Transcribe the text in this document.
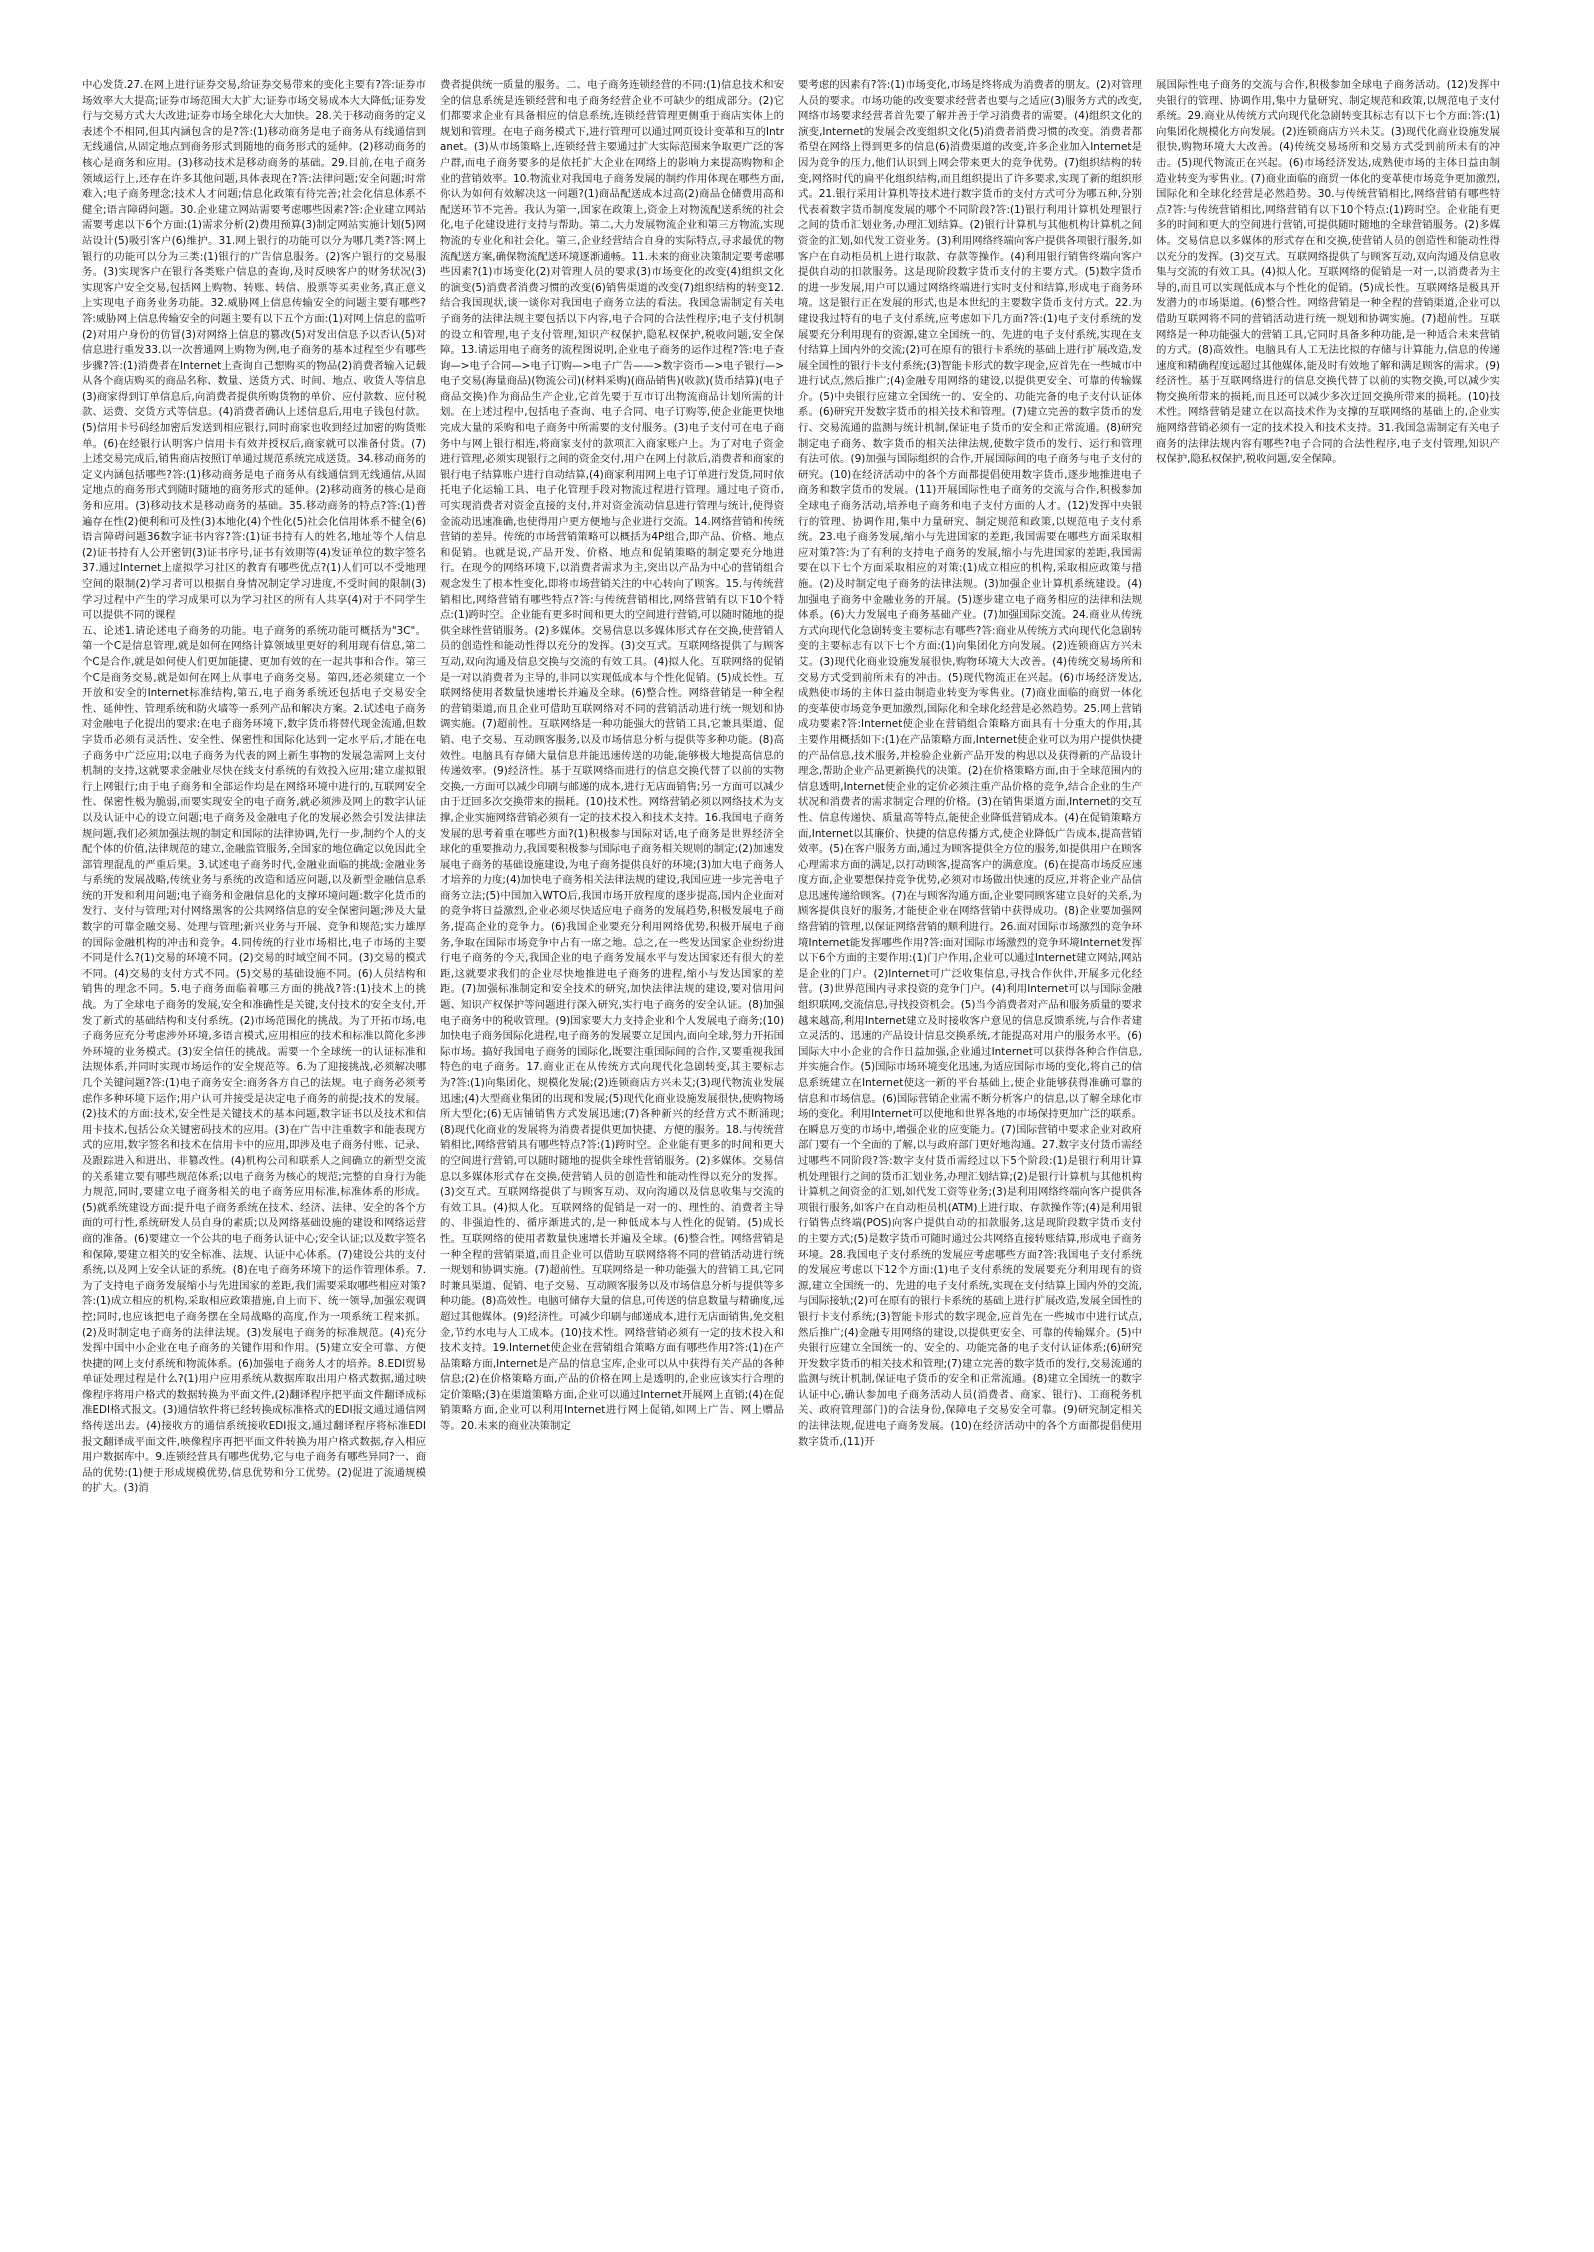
中心发货.27.在网上进行证券交易,给证券交易带来的变化主要有?答:证券市场效率大大提高;证券市场范围大大扩大;证券市场交易成本大大降低;证券发行与交易方式大大改进;证券市场全球化大大加快。28.关于移动商务的定义表述个不相同,但其内涵包含的是?答:(1)移动商务是电子商务从有线通信到无线通信,从固定地点到商务形式到随地的商务形式的延伸。(2)移动商务的核心是商务和应用。(3)移动技术是移动商务的基础。29.目前,在电子商务领域运行上,还存在许多其他问题,具体表现在?答:法律问题;安全问题;时常难入;电子商务理念;技术人才问题;信息化政策有待完善;社会化信息体系不健全;语言障碍问题。30.企业建立网站需要考虑哪些因素?答:企业建立网站需要考虑以下6个方面:(1)需求分析(2)费用预算(3)制定网站实施计划(5)网站设计(5)吸引客户(6)维护。31.网上银行的功能可以分为哪几类?答:网上银行的功能可以分为三类:(1)银行的广告信息服务。(2)客户银行的交易服务。(3)实现客户在银行各类账户信息的查询,及时反映客户的财务状况(3)实现客户安全交易,包括网上购物、转账、转信、股票等买卖业务,真正意义上实现电子商务业务功能。32.威胁网上信息传输安全的问题主要有哪些?答:威胁网上信息传输安全的问题主要有以下五个方面:(1)对网上信息的监听(2)对用户身份的仿冒(3)对网络上信息的篡改(5)对发出信息予以否认(5)对信息进行重发33.以一次普通网上购物为例,电子商务的基本过程至少有哪些步骤?答:(1)消费者在Internet上查询自己想购买的物品(2)消费者输入记载从各个商店购买的商品名称、数量、送货方式、时间、地点、收货人等信息(3)商家得到订单信息后,向消费者提供所购货物的单价、应付款数、应付税款、运费、交货方式等信息。(4)消费者确认上述信息后,用电子钱包付款。(5)信用卡号码经加密后发送到相应银行,同时商家也收到经过加密的购货账单。(6)在经银行认明客户信用卡有效并授权后,商家就可以准备付货。(7)上述交易完成后,销售商店按照订单通过规范系统完成送货。34.移动商务的定义内涵包括哪些?答:(1)移动商务是电子商务从有线通信到无线通信,从固定地点的商务形式到随时随地的商务形式的延伸。(2)移动商务的核心是商务和应用。(3)移动技术是移动商务的基础。35.移动商务的特点?答:(1)普遍存在性(2)便利和可及性(3)本地化(4)个性化(5)社会化信用体系不健全(6)语言障碍问题36数字证书内容?答:(1)证书持有人的姓名,地址等个人信息(2)证书持有人公开密钥(3)证书序号,证书有效期等(4)发证单位的数字签名37.通过Internet上虚拟学习社区的教育有哪些优点?(1)人们可以不受地理空间的限制(2)学习者可以根据自身情况制定学习进度,不受时间的限制(3)学习过程中产生的学习成果可以为学习社区的所有人共享(4)对于不同学生可以提供不同的课程

五、论述1.请论述电子商务的功能。电子商务的系统功能可概括为"3C"。第一个C是信息管理,就是如何在网络计算领域里更好的利用现有信息,第二个C是合作,就是如何使人们更加能捷、更加有效的在一起共事和合作。第三个C是商务交易,就是如何在网上从事电子商务交易。第四,还必须建立一个开放和安全的Internet标准结构,第五,电子商务系统还包括电子交易安全性、延伸性、管理系统和防火墙等一系列产品和解决方案。2.试述电子商务对金融电子化提出的要求:在电子商务环境下,数字货币将替代现金流通,但数字货币必须有灵活性、安全性、保密性和国际化达到一定水平后,才能在电子商务中广泛应用;以电子商务为代表的网上新生事物的发展急需网上支付机制的支持,这就要求金融业尽快在线支付系统的有效投入应用;建立虚拟银行上网银行;由于电子商务和全部运作均是在网络环境中进行的,互联网安全性、保密性极为脆弱,而要实现安全的电子商务,就必须涉及网上的数字认证以及认证中心的设立问题;电子商务及金融电子化的发展必然会引发法律法规问题,我们必须加强法规的制定和国际的法律协调,先行一步,制约个人的支配个体的价值,法律规范的建立,金融监管服务,全国家的地位确定以免因此全部管理混乱的严重后果。3.试述电子商务时代,金融业面临的挑战:金融业务与系统的发展战略,传统业务与系统的改造和适应问题,以及新型金融信息系统的开发和利用问题;电子商务和金融信息化的支撑环境问题:数字化货币的发行、支付与管理;对付网络黑客的公共网络信息的安全保密问题;涉及大量数字的可靠金融交易、处理与管理;新兴业务与开展、竞争和规范;实力雄厚的国际金融机构的冲击和竞争。4.同传统的行业市场相比,电子市场的主要不同是什么?(1)交易的环境不同。(2)交易的时域空间不同。(3)交易的模式不同。(4)交易的支付方式不同。(5)交易的基础设施不同。(6)人员结构和销售的理念不同。5.电子商务面临着哪三方面的挑战?答:(1)技术上的挑战。为了全球电子商务的发展,安全和准确性是关键,支付技术的安全支付,开发了新式的基础结构和支付系统。(2)市场范围化的挑战。为了开拓市场,电子商务应充分考虑涉外环境,多语言模式,应用相应的技术和标准以简化多涉外环境的业务模式。(3)安全信任的挑战。需要一个全球统一的认证标准和法规体系,并同时实现市场运作的安全规范等。6.为了迎接挑战,必须解决哪几个关键问题?答:(1)电子商务安全:商务各方自己的法规。电子商务必须考虑作多种环境下运作;用户认可并接受是决定电子商务的前提;技术的发展。(2)技术的方面:技术,安全性是关键技术的基本问题,数字证书以及技术和信用卡技术,包括公众关键密码技术的应用。(3)在广告中注重数字和能表现方式的应用,数字签名和技术在信用卡中的应用,即涉及电子商务付账、记录、及跟踪进入和进出、非篡改性。(4)机构公司和联系人之间确立的新型交流的关系建立要有哪些规范体系;以电子商务为核心的规范;完整的自身行为能力规范,同时,要建立电子商务相关的电子商务应用标准,标准体系的形成。(5)就系统建设方面:提升电子商务系统在技术、经济、法律、安全的各个方面的可行性,系统研发人员自身的素质;以及网络基础设施的建设和网络运营商的准备。(6)要建立一个公共的电子商务认证中心;安全认证;以及数字签名和保障,要建立相关的安全标准、法规、认证中心体系。(7)建设公共的支付系统,以及网上安全认证的系统。(8)在电子商务环境下的运作管理体系。7.为了支持电子商务发展缩小与先进国家的差距,我们需要采取哪些相应对策?答:(1)成立相应的机构,采取相应政策措施,自上而下、统一领导,加强宏观调控;同时,也应该把电子商务摆在全局战略的高度,作为一项系统工程来抓。(2)及时制定电子商务的法律法规。(3)发展电子商务的标准规范。(4)充分发挥中国中小企业在电子商务的关键作用和作用。(5)建立安全可靠、方便快捷的网上支付系统和物流体系。(6)加强电子商务人才的培养。8.EDI贸易单证处理过程是什么?(1)用户应用系统从数据库取出用户格式数据,通过映像程序将用户格式的数据转换为平面文件,(2)翻译程序把平面文件翻译成标准EDI格式报文。(3)通信软件将已经转换成标准格式的EDI报文通过通信网络传送出去。(4)接收方的通信系统接收EDI报文,通过翻译程序将标准EDI报文翻译成平面文件,映像程序再把平面文件转换为用户格式数据,存入相应用户数据库中。9.连锁经营具有哪些优势,它与电子商务有哪些异同?一、商品的优势:(1)便于形成规模优势,信息优势和分工优势。(2)促进了流通规模的扩大。(3)消

费者提供统一质量的服务。二、电子商务连锁经营的不同:(1)信息技术和安全的信息系统是连锁经营和电子商务经营企业不可缺少的组成部分。(2)它们都要求企业有具备相应的信息系统,连锁经营管理更侧重于商店实体上的规划和管理。在电子商务模式下,进行管理可以通过网页设计变革和互的Intranet。(3)从市场策略上,连锁经营主要通过扩大实际范围来争取更广泛的客户群,而电子商务要多的是依托扩大企业在网络上的影响力来提高购物和企业的营销效率。10.物流业对我国电子商务发展的制约作用体现在哪些方面,你认为如何有效解决这一问题?(1)商品配送成本过高(2)商品仓储费用高和配送环节不完善。我认为第一,国家在政策上,资金上对物流配送系统的社会化,电子化建设进行支持与帮助。第二,大力发展物流企业和第三方物流,实现物流的专业化和社会化。第三,企业经营结合自身的实际特点,寻求最优的物流配送方案,确保物流配送环境逐渐通畅。11.未来的商业决策制定要考虑哪些因素?(1)市场变化(2)对管理人员的要求(3)市场变化的改变(4)组织文化的演变(5)消费者消费习惯的改变(6)销售渠道的改变(7)组织结构的转变12.结合我国现状,谈一谈你对我国电子商务立法的看法。我国急需制定有关电子商务的法律法规主要包括以下内容,电子合同的合法性程序;电子支付机制的设立和管理,电子支付管理,知识产权保护,隐私权保护,税收问题,安全保障。13.请运用电子商务的流程图说明,企业电子商务的运作过程?答:电子查询—>电子合同—>电子订购—>电子广告——>数字资币—>电子银行—>电子交易(海量商品)(物流公司)(材料采购)(商品销售)(收款)(货币结算)(电子商品交换)作为商品生产企业,它首先要于互市订出物流商品计划所需的计划。在上述过程中,包括电子查询、电子合同、电子订购等,使企业能更快地完成大量的采购和电子商务中所需要的支付服务。(3)电子支付可在电子商务中与网上银行相连,将商家支付的款项汇入商家账户上。为了对电子资金进行管理,必须实现银行之间的资金交付,用户在网上付款后,消费者和商家的银行电子结算账户进行自动结算,(4)商家利用网上电子订单进行发货,同时依托电子化运输工具、电子化管理手段对物流过程进行管理。通过电子资币,可实现消费者对资金直接的支付,并对资金流动信息进行管理与统计,使得资金流动迅速准确,也使得用户更方便地与企业进行交流。14.网络营销和传统营销的差异。传统的市场营销策略可以概括为4P组合,即产品、价格、地点和促销。也就是说,产品开发、价格、地点和促销策略的制定要充分地进行。在现今的网络环境下,以消费者需求为主,突出以产品为中心的营销组合观念发生了根本性变化,即将市场营销关注的中心转向了顾客。15.与传统营销相比,网络营销有哪些特点?答:与传统营销相比,网络营销有以下10个特点:(1)跨时空。企业能有更多时间和更大的空间进行营销,可以随时随地的提供全球性营销服务。(2)多媒体。交易信息以多媒体形式存在交换,使营销人员的创造性和能动性得以充分的发挥。(3)交互式。互联网络提供了与顾客互动,双向沟通及信息交换与交流的有效工具。(4)拟人化。互联网络的促销是一对以消费者为主导的,非同以实现低成本与个性化促销。(5)成长性。互联网络使用者数量快速增长并遍及全球。(6)整合性。网络营销是一种全程的营销渠道,而且企业可借助互联网络对不同的营销活动进行统一规划和协调实施。(7)超前性。互联网络是一种功能强大的营销工具,它兼具渠道、促销、电子交易、互动顾客服务,以及市场信息分析与提供等多种功能。(8)高效性。电脑具有存储大量信息并能迅速传送的功能,能够极大地提高信息的传递效率。(9)经济性。基于互联网络而进行的信息交换代替了以前的实物交换,一方面可以减少印刷与邮递的成本,进行无店面销售;另一方面可以减少由于迂回多次交换带来的损耗。(10)技术性。网络营销必须以网络技术为支撑,企业实施网络营销必须有一定的技术投入和技术支持。16.我国电子商务发展的思考着重在哪些方面?(1)积极参与国际对话,电子商务是世界经济全球化的重要推动力,我国要积极参与国际电子商务相关规则的制定;(2)加速发展电子商务的基础设施建设,为电子商务提供良好的环境;(3)加大电子商务人才培养的力度;(4)加快电子商务相关法律法规的建设,我国应进一步完善电子商务立法;(5)中国加入WTO后,我国市场开放程度的逐步提高,国内企业面对的竞争将日益激烈,企业必须尽快适应电子商务的发展趋势,积极发展电子商务,提高企业的竞争力。(6)我国企业要充分利用网络优势,积极开展电子商务,争取在国际市场竞争中占有一席之地。总之,在一些发达国家企业纷纷进行电子商务的今天,我国企业的电子商务发展水平与发达国家还有很大的差距,这就要求我们的企业尽快地推进电子商务的进程,缩小与发达国家的差距。(7)加强标准制定和安全技术的研究,加快法律法规的建设,要对信用问题、知识产权保护等问题进行深入研究,实行电子商务的安全认证。(8)加强电子商务中的税收管理。(9)国家要大力支持企业和个人发展电子商务;(10)加快电子商务国际化进程,电子商务的发展要立足国内,面向全球,努力开拓国际市场。搞好我国电子商务的国际化,既要注重国际间的合作,又要重视我国特色的电子商务。17.商业正在从传统方式向现代化急剧转变,其主要标志为?答:(1)向集团化、规模化发展;(2)连锁商店方兴未艾;(3)现代物流业发展迅速;(4)大型商业集团的出现和发展;(5)现代化商业设施发展很快,使购物场所大型化;(6)无店铺销售方式发展迅速;(7)各种新兴的经营方式不断涌现;(8)现代化商业的发展将为消费者提供更加快捷、方便的服务。18.与传统营销相比,网络营销具有哪些特点?答:(1)跨时空。企业能有更多的时间和更大的空间进行营销,可以随时随地的提供全球性营销服务。(2)多媒体。交易信息以多媒体形式存在交换,使营销人员的创造性和能动性得以充分的发挥。(3)交互式。互联网络提供了与顾客互动、双向沟通以及信息收集与交流的有效工具。(4)拟人化。互联网络的促销是一对一的、理性的、消费者主导的、非强迫性的、循序渐进式的,是一种低成本与人性化的促销。(5)成长性。互联网络的使用者数量快速增长并遍及全球。(6)整合性。网络营销是一种全程的营销渠道,而且企业可以借助互联网络将不同的营销活动进行统一规划和协调实施。(7)超前性。互联网络是一种功能强大的营销工具,它同时兼具渠道、促销、电子交易、互动顾客服务以及市场信息分析与提供等多种功能。(8)高效性。电脑可储存大量的信息,可传送的信息数量与精确度,远超过其他媒体。(9)经济性。可减少印刷与邮递成本,进行无店面销售,免交租金,节约水电与人工成本。(10)技术性。网络营销必须有一定的技术投入和技术支持。19.Internet使企业在营销组合策略方面有哪些作用?答:(1)在产品策略方面,Internet是产品的信息宝库,企业可以从中获得有关产品的各种信息;(2)在价格策略方面,产品的价格在网上是透明的,企业应该实行合理的定价策略;(3)在渠道策略方面,企业可以通过Internet开展网上直销;(4)在促销策略方面,企业可以利用Internet进行网上促销,如网上广告、网上赠品等。20.未来的商业决策制定

要考虑的因素有?答:(1)市场变化,市场是终将成为消费者的朋友。(2)对管理人员的要求。市场功能的改变要求经营者也要与之适应(3)服务方式的改变,网络市场要求经营者首先要了解并善于学习消费者的需要。(4)组织文化的演变,Internet的发展会改变组织文化(5)消费者消费习惯的改变。消费者都希望在网络上得到更多的信息(6)消费渠道的改变,许多企业加入Internet是因为竞争的压力,他们认识到上网会带来更大的竞争优势。(7)组织结构的转变,网络时代的扁平化组织结构,而且组织提出了许多要求,实现了新的组织形式。21.银行采用计算机等技术进行数字货币的支付方式可分为哪五种,分别代表着数字货币制度发展的哪个不同阶段?答:(1)银行利用计算机处理银行之间的货币汇划业务,办理汇划结算。(2)银行计算机与其他机构计算机之间资金的汇划,如代发工资业务。(3)利用网络终端向客户提供各项银行服务,如客户在自动柜员机上进行取款、存款等操作。(4)利用银行销售终端向客户提供自动的扣款服务。这是现阶段数字货币支付的主要方式。(5)数字货币的进一步发展,用户可以通过网络终端进行实时支付和结算,形成电子商务环境。这是银行正在发展的形式,也是本世纪的主要数字货币支付方式。22.为建设我过特有的电子支付系统,应考虑如下几方面?答:(1)电子支付系统的发展要充分利用现有的资源,建立全国统一的、先进的电子支付系统,实现在支付结算上国内外的交流;(2)可在原有的银行卡系统的基础上进行扩展改造,发展全国性的银行卡支付系统;(3)智能卡形式的数字现金,应首先在一些城市中进行试点,然后推广;(4)金融专用网络的建设,以提供更安全、可靠的传输媒介。(5)中央银行应建立全国统一的、安全的、功能完备的电子支付认证体系。(6)研究开发数字货币的相关技术和管理。(7)建立完善的数字货币的发行、交易流通的监测与统计机制,保证电子货币的安全和正常流通。(8)研究制定电子商务、数字货币的相关法律法规,使数字货币的发行、运行和管理有法可依。(9)加强与国际组织的合作,开展国际间的电子商务与电子支付的研究。(10)在经济活动中的各个方面都提倡使用数字货币,逐步地推进电子商务和数字货币的发展。(11)开展国际性电子商务的交流与合作,积极参加全球电子商务活动,培养电子商务和电子支付方面的人才。(12)发挥中央银行的管理、协调作用,集中力量研究、制定规范和政策,以规范电子支付系统。23.电子商务发展,缩小与先进国家的差距,我国需要在哪些方面采取相应对策?答:为了有利的支持电子商务的发展,缩小与先进国家的差距,我国需要在以下七个方面采取相应的对策:(1)成立相应的机构,采取相应政策与措施。(2)及时制定电子商务的法律法规。(3)加强企业计算机系统建设。(4)加强电子商务中金融业务的开展。(5)逐步建立电子商务相应的法律和法规体系。(6)大力发展电子商务基础产业。(7)加强国际交流。24.商业从传统方式向现代化急剧转变主要标志有哪些?答:商业从传统方式向现代化急剧转变的主要标志有以下七个方面:(1)向集团化方向发展。(2)连锁商店方兴未艾。(3)现代化商业设施发展很快,购物环境大大改善。(4)传统交易场所和交易方式受到前所未有的冲击。(5)现代物流正在兴起。(6)市场经济发达,成熟使市场的主体日益由制造业转变为零售业。(7)商业面临的商贸一体化的变革使市场竞争更加激烈,国际化和全球化经营是必然趋势。25.网上营销成功要素?答:Internet使企业在营销组合策略方面具有十分重大的作用,其主要作用概括如下:(1)在产品策略方面,Internet使企业可以为用户提供快捷的产品信息,技术服务,并检验企业新产品开发的构思以及获得新的产品设计理念,帮助企业产品更新换代的决策。(2)在价格策略方面,由于全球范围内的信息透明,Internet使企业的定价必须注重产品价格的竞争,结合企业的生产状况和消费者的需求制定合理的价格。(3)在销售渠道方面,Internet的交互性、信息传递快、质量高等特点,能使企业降低营销成本。(4)在促销策略方面,Internet以其廉价、快捷的信息传播方式,使企业降低广告成本,提高营销效率。(5)在客户服务方面,通过为顾客提供全方位的服务,如提供用户在顾客心理需求方面的满足,以打动顾客,提高客户的满意度。(6)在提高市场反应速度方面,企业要想保持竞争优势,必须对市场做出快速的反应,并将企业产品信息迅速传递给顾客。(7)在与顾客沟通方面,企业要同顾客建立良好的关系,为顾客提供良好的服务,才能使企业在网络营销中获得成功。(8)企业要加强网络营销的管理,以保证网络营销的顺利进行。26.面对国际市场激烈的竞争环境Internet能发挥哪些作用?答:面对国际市场激烈的竞争环境Internet发挥以下6个方面的主要作用:(1)门户作用,企业可以通过Internet建立网站,网站是企业的门户。(2)Internet可广泛收集信息,寻找合作伙伴,开展多元化经营。(3)世界范围内寻求投资的竞争门户。(4)利用Internet可以与国际金融组织联网,交流信息,寻找投资机会。(5)当今消费者对产品和服务质量的要求越来越高,利用Internet建立及时接收客户意见的信息反馈系统,与合作者建立灵活的、迅速的产品设计信息交换系统,才能提高对用户的服务水平。(6)国际大中小企业的合作日益加强,企业通过Internet可以获得各种合作信息,并实施合作。(5)国际市场环境变化迅速,为适应国际市场的变化,将自己的信息系统建立在Internet使这一新的平台基础上,使企业能够获得准确可靠的信息和市场信息。(6)国际营销企业需不断分析客户的信息,以了解全球化市场的变化。利用Internet可以使地和世界各地的市场保持更加广泛的联系。在瞬息万变的市场中,增强企业的应变能力。(7)国际营销中要求企业对政府部门要有一个全面的了解,以与政府部门更好地沟通。27.数字支付货币需经过哪些不同阶段?答:数字支付货币需经过以下5个阶段:(1)是银行利用计算机处理银行之间的货币汇划业务,办理汇划结算;(2)是银行计算机与其他机构计算机之间资金的汇划,如代发工资等业务;(3)是利用网络终端向客户提供各项银行服务,如客户在自动柜员机(ATM)上进行取、存款操作等;(4)是利用银行销售点终端(POS)向客户提供自动的扣款服务,这是现阶段数字货币支付的主要方式;(5)是数字货币可随时通过公共网络直接转账结算,形成电子商务环境。28.我国电子支付系统的发展应考虑哪些方面?答:我国电子支付系统的发展应考虑以下12个方面:(1)电子支付系统的发展要充分利用现有的资源,建立全国统一的、先进的电子支付系统,实现在支付结算上国内外的交流,与国际接轨;(2)可在原有的银行卡系统的基础上进行扩展改造,发展全国性的银行卡支付系统;(3)智能卡形式的数字现金,应首先在一些城市中进行试点,然后推广;(4)金融专用网络的建设,以提供更安全、可靠的传输媒介。(5)中央银行应建立全国统一的、安全的、功能完备的电子支付认证体系;(6)研究开发数字货币的相关技术和管理;(7)建立完善的数字货币的发行,交易流通的监测与统计机制,保证电子货币的安全和正常流通。(8)建立全国统一的数字认证中心,确认参加电子商务活动人员(消费者、商家、银行)、工商税务机关、政府管理部门)的合法身份,保障电子交易安全可靠。(9)研究制定相关的法律法规,促进电子商务发展。(10)在经济活动中的各个方面都提倡使用数字货币,(11)开

展国际性电子商务的交流与合作,积极参加全球电子商务活动。(12)发挥中央银行的管理、协调作用,集中力量研究、制定规范和政策,以规范电子支付系统。29.商业从传统方式向现代化急剧转变其标志有以下七个方面:答:(1)向集团化规模化方向发展。(2)连锁商店方兴未艾。(3)现代化商业设施发展很快,购物环境大大改善。(4)传统交易场所和交易方式受到前所未有的冲击。(5)现代物流正在兴起。(6)市场经济发达,成熟使市场的主体日益由制造业转变为零售业。(7)商业面临的商贸一体化的变革使市场竞争更加激烈,国际化和全球化经营是必然趋势。30.与传统营销相比,网络营销有哪些特点?答:与传统营销相比,网络营销有以下10个特点:(1)跨时空。企业能有更多的时间和更大的空间进行营销,可提供随时随地的全球营销服务。(2)多媒体。交易信息以多媒体的形式存在和交换,使营销人员的创造性和能动性得以充分的发挥。(3)交互式。互联网络提供了与顾客互动,双向沟通及信息收集与交流的有效工具。(4)拟人化。互联网络的促销是一对一,以消费者为主导的,而且可以实现低成本与个性化的促销。(5)成长性。互联网络是极具开发潜力的市场渠道。(6)整合性。网络营销是一种全程的营销渠道,企业可以借助互联网将不同的营销活动进行统一规划和协调实施。(7)超前性。互联网络是一种功能强大的营销工具,它同时具备多种功能,是一种适合未来营销的方式。(8)高效性。电脑具有人工无法比拟的存储与计算能力,信息的传递速度和精确程度远超过其他媒体,能及时有效地了解和满足顾客的需求。(9)经济性。基于互联网络进行的信息交换代替了以前的实物交换,可以减少实物交换所带来的损耗,而且还可以减少多次迂回交换所带来的损耗。(10)技术性。网络营销是建立在以高技术作为支撑的互联网络的基础上的,企业实施网络营销必须有一定的技术投入和技术支持。31.我国急需制定有关电子商务的法律法规内容有哪些?电子合同的合法性程序,电子支付管理,知识产权保护,隐私权保护,税收问题,安全保障。
